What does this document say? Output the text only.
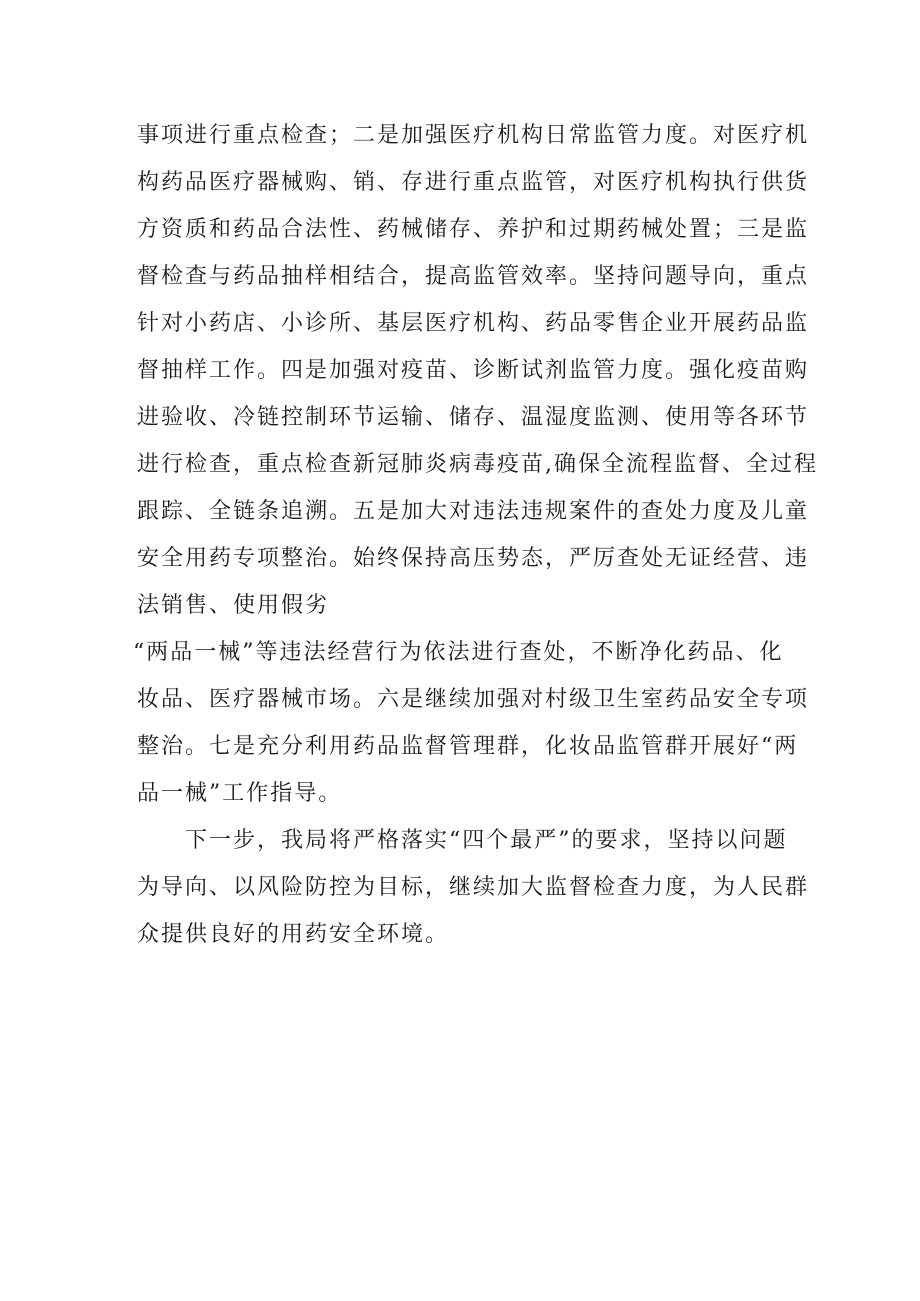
事项进行重点检查；二是加强医疗机构日常监管力度。对医疗机
构药品医疗器械购、销、存进行重点监管，对医疗机构执行供货
方资质和药品合法性、药械储存、养护和过期药械处置；三是监
督检查与药品抽样相结合，提高监管效率。坚持问题导向，重点
针对小药店、小诊所、基层医疗机构、药品零售企业开展药品监
督抽样工作。四是加强对疫苗、诊断试剂监管力度。强化疫苗购
进验收、冷链控制环节运输、储存、温湿度监测、使用等各环节
进行检查，重点检查新冠肺炎病毒疫苗,确保全流程监督、全过程
跟踪、全链条追溯。五是加大对违法违规案件的查处力度及儿童
安全用药专项整治。始终保持高压势态，严厉查处无证经营、违
法销售、使用假劣
“两品一械”等违法经营行为依法进行查处，不断净化药品、化
妆品、医疗器械市场。六是继续加强对村级卫生室药品安全专项
整治。七是充分利用药品监督管理群，化妆品监管群开展好“两
品一械”工作指导。
下一步，我局将严格落实“四个最严”的要求，坚持以问题
为导向、以风险防控为目标，继续加大监督检查力度，为人民群
众提供良好的用药安全环境。
